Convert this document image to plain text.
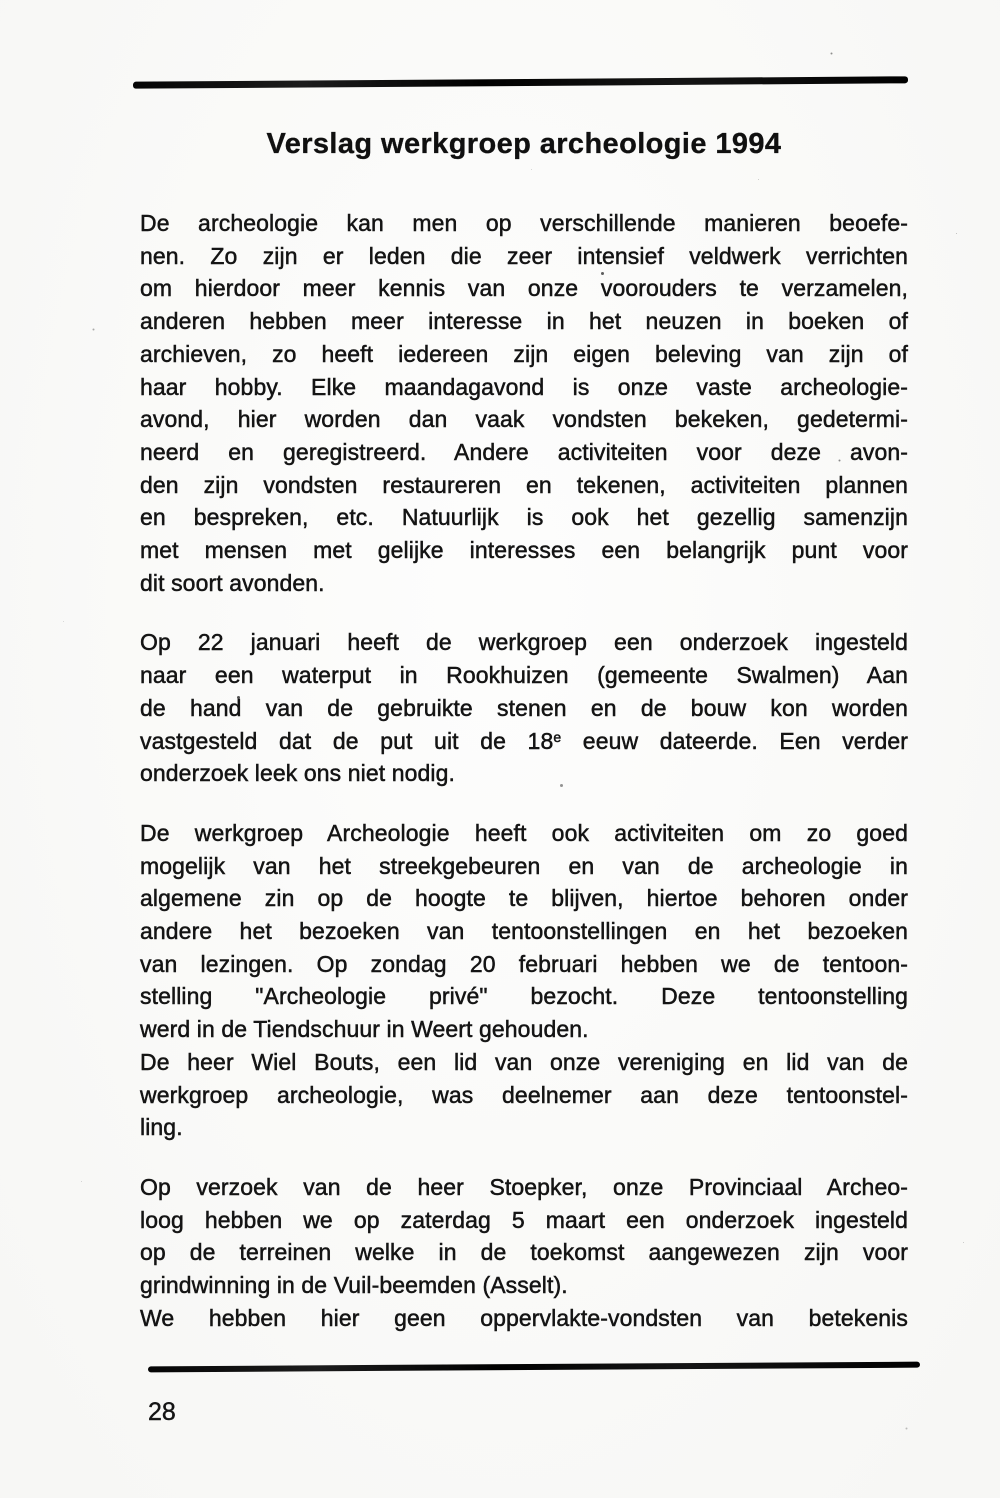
Verslag werkgroep archeologie 1994
De archeologie kan men op verschillende manieren beoefe-
nen. Zo zijn er leden die zeer intensief veldwerk verrichten
om hierdoor meer kennis van onze voorouders te verzamelen,
anderen hebben meer interesse in het neuzen in boeken of
archieven, zo heeft iedereen zijn eigen beleving van zijn of
haar hobby. Elke maandagavond is onze vaste archeologie-
avond, hier worden dan vaak vondsten bekeken, gedetermi-
neerd en geregistreerd. Andere activiteiten voor deze avon-
den zijn vondsten restaureren en tekenen, activiteiten plannen
en bespreken, etc. Natuurlijk is ook het gezellig samenzijn
met mensen met gelijke interesses een belangrijk punt voor
dit soort avonden.
Op 22 januari heeft de werkgroep een onderzoek ingesteld
naar een waterput in Rookhuizen (gemeente Swalmen) Aan
de hand van de gebruikte stenen en de bouw kon worden
vastgesteld dat de put uit de 18e eeuw dateerde. Een verder
onderzoek leek ons niet nodig.
De werkgroep Archeologie heeft ook activiteiten om zo goed
mogelijk van het streekgebeuren en van de archeologie in
algemene zin op de hoogte te blijven, hiertoe behoren onder
andere het bezoeken van tentoonstellingen en het bezoeken
van lezingen. Op zondag 20 februari hebben we de tentoon-
stelling "Archeologie privé" bezocht. Deze tentoonstelling
werd in de Tiendschuur in Weert gehouden.
De heer Wiel Bouts, een lid van onze vereniging en lid van de
werkgroep archeologie, was deelnemer aan deze tentoonstel-
ling.
Op verzoek van de heer Stoepker, onze Provinciaal Archeo-
loog hebben we op zaterdag 5 maart een onderzoek ingesteld
op de terreinen welke in de toekomst aangewezen zijn voor
grindwinning in de Vuil-beemden (Asselt).
We hebben hier geen oppervlakte-vondsten van betekenis
28
